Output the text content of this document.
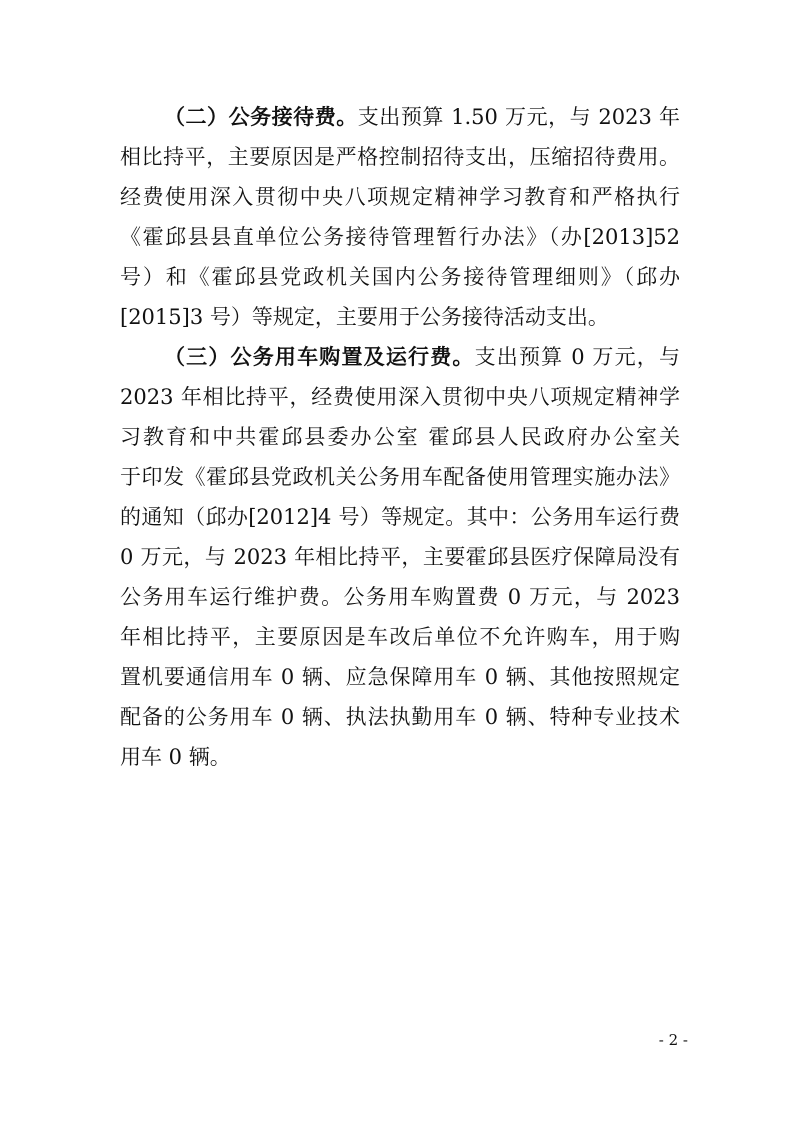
（二）公务接待费。支出预算 1.50 万元，与 2023 年
相比持平，主要原因是严格控制招待支出，压缩招待费用。
经费使用深入贯彻中央八项规定精神学习教育和严格执行
《霍邱县县直单位公务接待管理暂行办法》（办[2013]52
号）和《霍邱县党政机关国内公务接待管理细则》（邱办
[2015]3 号）等规定，主要用于公务接待活动支出。
（三）公务用车购置及运行费。支出预算 0 万元，与
2023 年相比持平，经费使用深入贯彻中央八项规定精神学
习教育和中共霍邱县委办公室 霍邱县人民政府办公室关
于印发《霍邱县党政机关公务用车配备使用管理实施办法》
的通知（邱办[2012]4 号）等规定。其中：公务用车运行费
0 万元，与 2023 年相比持平，主要霍邱县医疗保障局没有
公务用车运行维护费。公务用车购置费 0 万元，与 2023
年相比持平，主要原因是车改后单位不允许购车，用于购
置机要通信用车 0 辆、应急保障用车 0 辆、其他按照规定
配备的公务用车 0 辆、执法执勤用车 0 辆、特种专业技术
用车 0 辆。
- 2 -
